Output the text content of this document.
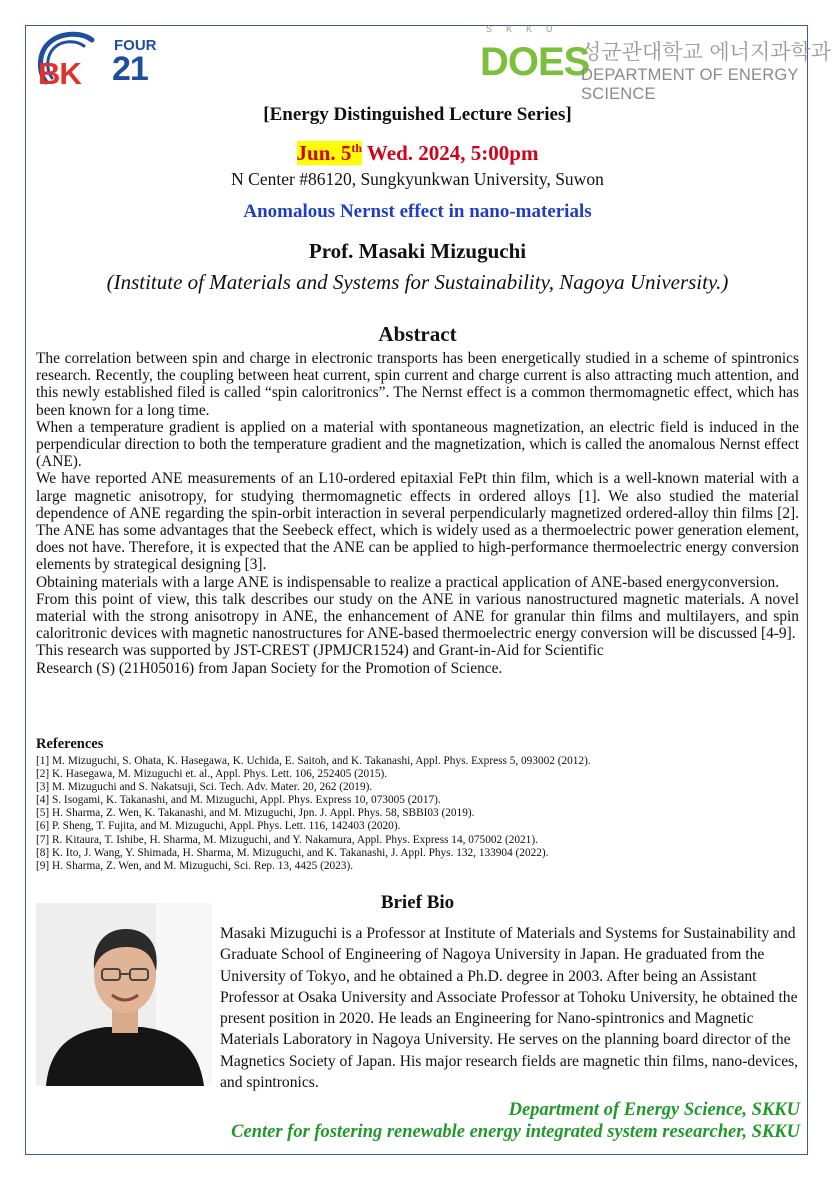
FOUR
BK 21
SKKU
DOES
성균관대학교 에너지과학과
DEPARTMENT OF ENERGY SCIENCE
[Energy Distinguished Lecture Series]
Jun. 5th Wed. 2024, 5:00pm
N Center #86120, Sungkyunkwan University, Suwon
Anomalous Nernst effect in nano-materials
Prof. Masaki Mizuguchi
(Institute of Materials and Systems for Sustainability, Nagoya University.)
Abstract

The correlation between spin and charge in electronic transports has been energetically studied in a scheme of spintronics research. Recently, the coupling between heat current, spin current and charge current is also attracting much attention, and this newly established filed is called “spin caloritronics”. The Nernst effect is a common thermomagnetic effect, which has been known for a long time.

When a temperature gradient is applied on a material with spontaneous magnetization, an electric field is induced in the perpendicular direction to both the temperature gradient and the magnetization, which is called the anomalous Nernst effect (ANE).

We have reported ANE measurements of an L10-ordered epitaxial FePt thin film, which is a well-known material with a large magnetic anisotropy, for studying thermomagnetic effects in ordered alloys [1]. We also studied the material dependence of ANE regarding the spin-orbit interaction in several perpendicularly magnetized ordered-alloy thin films [2]. The ANE has some advantages that the Seebeck effect, which is widely used as a thermoelectric power generation element, does not have. Therefore, it is expected that the ANE can be applied to high-performance thermoelectric energy conversion elements by strategical designing [3].

Obtaining materials with a large ANE is indispensable to realize a practical application of ANE-based energyconversion.

From this point of view, this talk describes our study on the ANE in various nanostructured magnetic materials. A novel material with the strong anisotropy in ANE, the enhancement of ANE for granular thin films and multilayers, and spin caloritronic devices with magnetic nanostructures for ANE-based thermoelectric energy conversion will be discussed [4-9].

This research was supported by JST-CREST (JPMJCR1524) and Grant-in-Aid for Scientific

Research (S) (21H05016) from Japan Society for the Promotion of Science.

References
[1] M. Mizuguchi, S. Ohata, K. Hasegawa, K. Uchida, E. Saitoh, and K. Takanashi, Appl. Phys. Express 5, 093002 (2012).
[2] K. Hasegawa, M. Mizuguchi et. al., Appl. Phys. Lett. 106, 252405 (2015).
[3] M. Mizuguchi and S. Nakatsuji, Sci. Tech. Adv. Mater. 20, 262 (2019).
[4] S. Isogami, K. Takanashi, and M. Mizuguchi, Appl. Phys. Express 10, 073005 (2017).
[5] H. Sharma, Z. Wen, K. Takanashi, and M. Mizuguchi, Jpn. J. Appl. Phys. 58, SBBI03 (2019).
[6] P. Sheng, T. Fujita, and M. Mizuguchi, Appl. Phys. Lett. 116, 142403 (2020).
[7] R. Kitaura, T. Ishibe, H. Sharma, M. Mizuguchi, and Y. Nakamura, Appl. Phys. Express 14, 075002 (2021).
[8] K. Ito, J. Wang, Y. Shimada, H. Sharma, M. Mizuguchi, and K. Takanashi, J. Appl. Phys. 132, 133904 (2022).
[9] H. Sharma, Z. Wen, and M. Mizuguchi, Sci. Rep. 13, 4425 (2023).
Brief Bio

Masaki Mizuguchi is a Professor at Institute of Materials and Systems for Sustainability and Graduate School of Engineering of Nagoya University in Japan. He graduated from the University of Tokyo, and he obtained a Ph.D. degree in 2003. After being an Assistant Professor at Osaka University and Associate Professor at Tohoku University, he obtained the present position in 2020. He leads an Engineering for Nano-spintronics and Magnetic Materials Laboratory in Nagoya University. He serves on the planning board director of the Magnetics Society of Japan. His major research fields are magnetic thin films, nano-devices, and spintronics.

Department of Energy Science, SKKU
Center for fostering renewable energy integrated system researcher, SKKU
